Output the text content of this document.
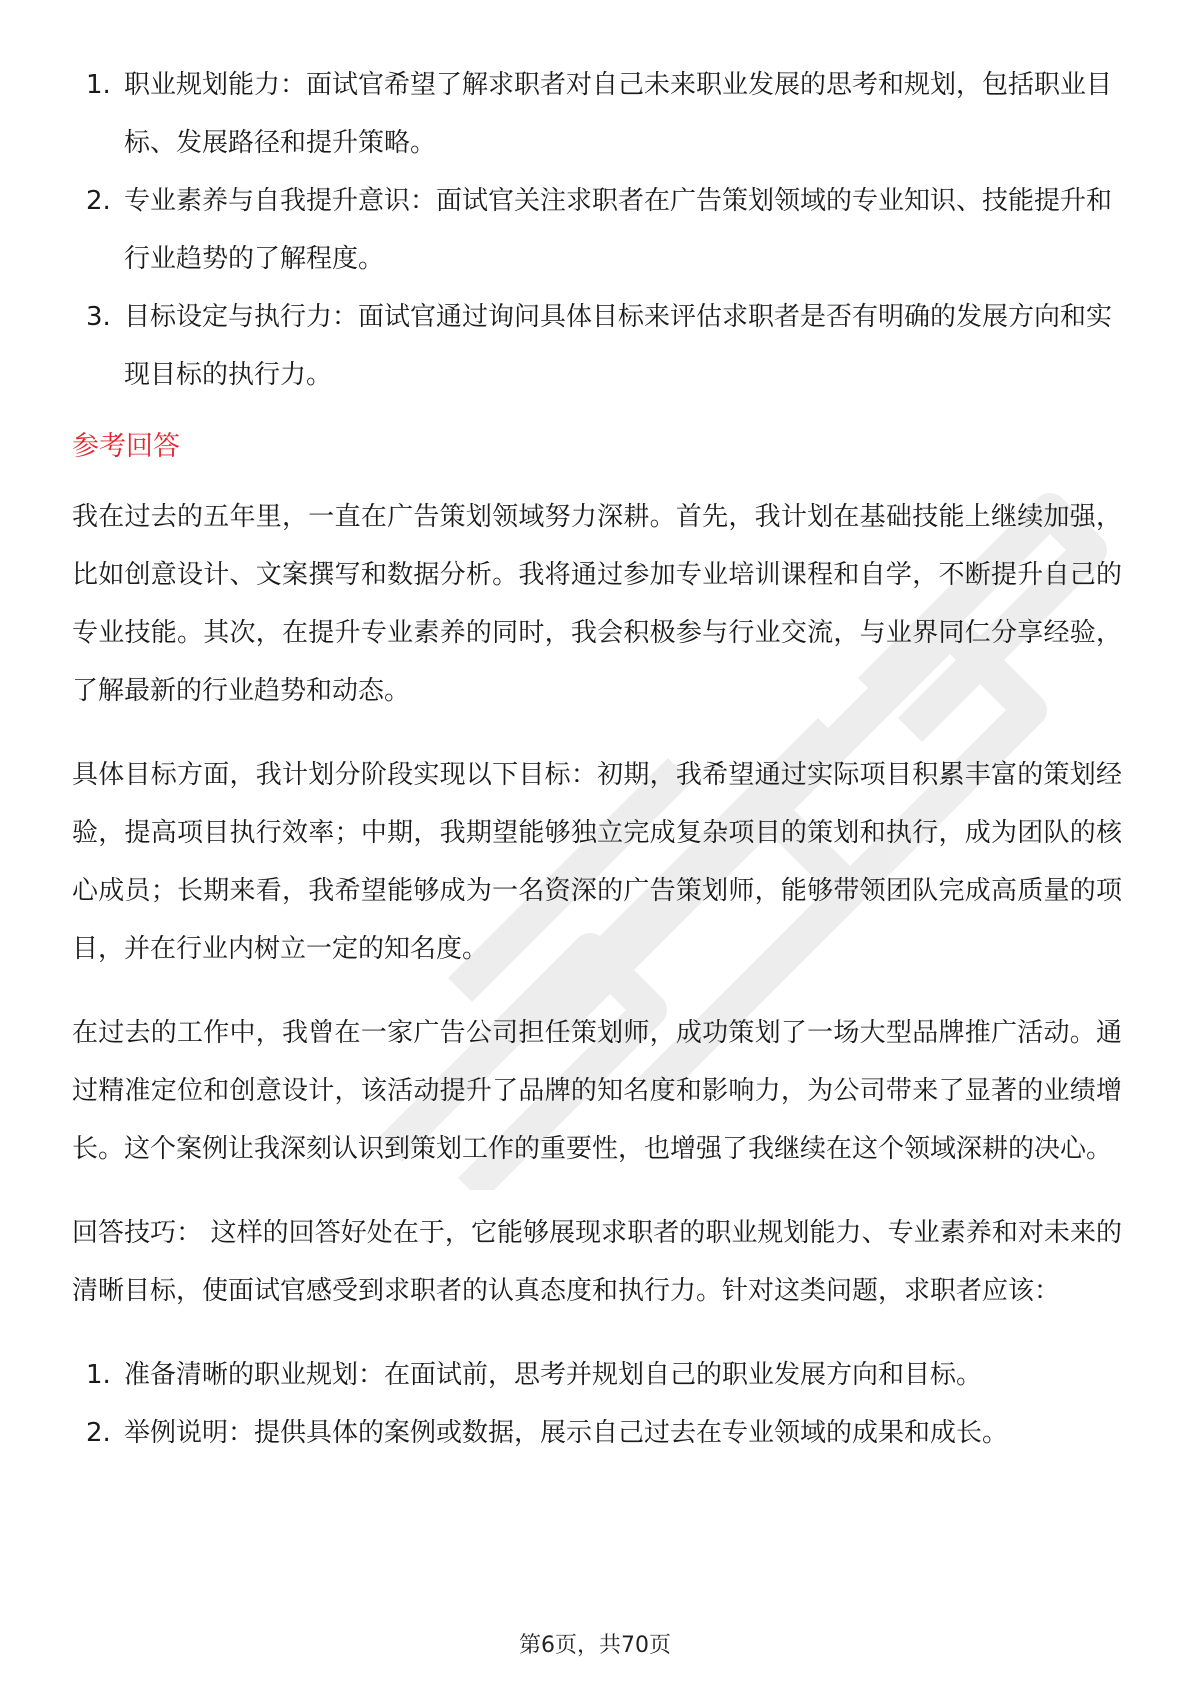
1. 职业规划能力：面试官希望了解求职者对自己未来职业发展的思考和规划，包括职业目标、发展路径和提升策略。
2. 专业素养与自我提升意识：面试官关注求职者在广告策划领域的专业知识、技能提升和行业趋势的了解程度。
3. 目标设定与执行力：面试官通过询问具体目标来评估求职者是否有明确的发展方向和实现目标的执行力。
参考回答

我在过去的五年里，一直在广告策划领域努力深耕。首先，我计划在基础技能上继续加强，比如创意设计、文案撰写和数据分析。我将通过参加专业培训课程和自学，不断提升自己的专业技能。其次，在提升专业素养的同时，我会积极参与行业交流，与业界同仁分享经验，了解最新的行业趋势和动态。

具体目标方面，我计划分阶段实现以下目标：初期，我希望通过实际项目积累丰富的策划经验，提高项目执行效率；中期，我期望能够独立完成复杂项目的策划和执行，成为团队的核心成员；长期来看，我希望能够成为一名资深的广告策划师，能够带领团队完成高质量的项目，并在行业内树立一定的知名度。

在过去的工作中，我曾在一家广告公司担任策划师，成功策划了一场大型品牌推广活动。通过精准定位和创意设计，该活动提升了品牌的知名度和影响力，为公司带来了显著的业绩增长。这个案例让我深刻认识到策划工作的重要性，也增强了我继续在这个领域深耕的决心。

回答技巧： 这样的回答好处在于，它能够展现求职者的职业规划能力、专业素养和对未来的清晰目标，使面试官感受到求职者的认真态度和执行力。针对这类问题，求职者应该：

1. 准备清晰的职业规划：在面试前，思考并规划自己的职业发展方向和目标。
2. 举例说明：提供具体的案例或数据，展示自己过去在专业领域的成果和成长。
第6页，共70页
